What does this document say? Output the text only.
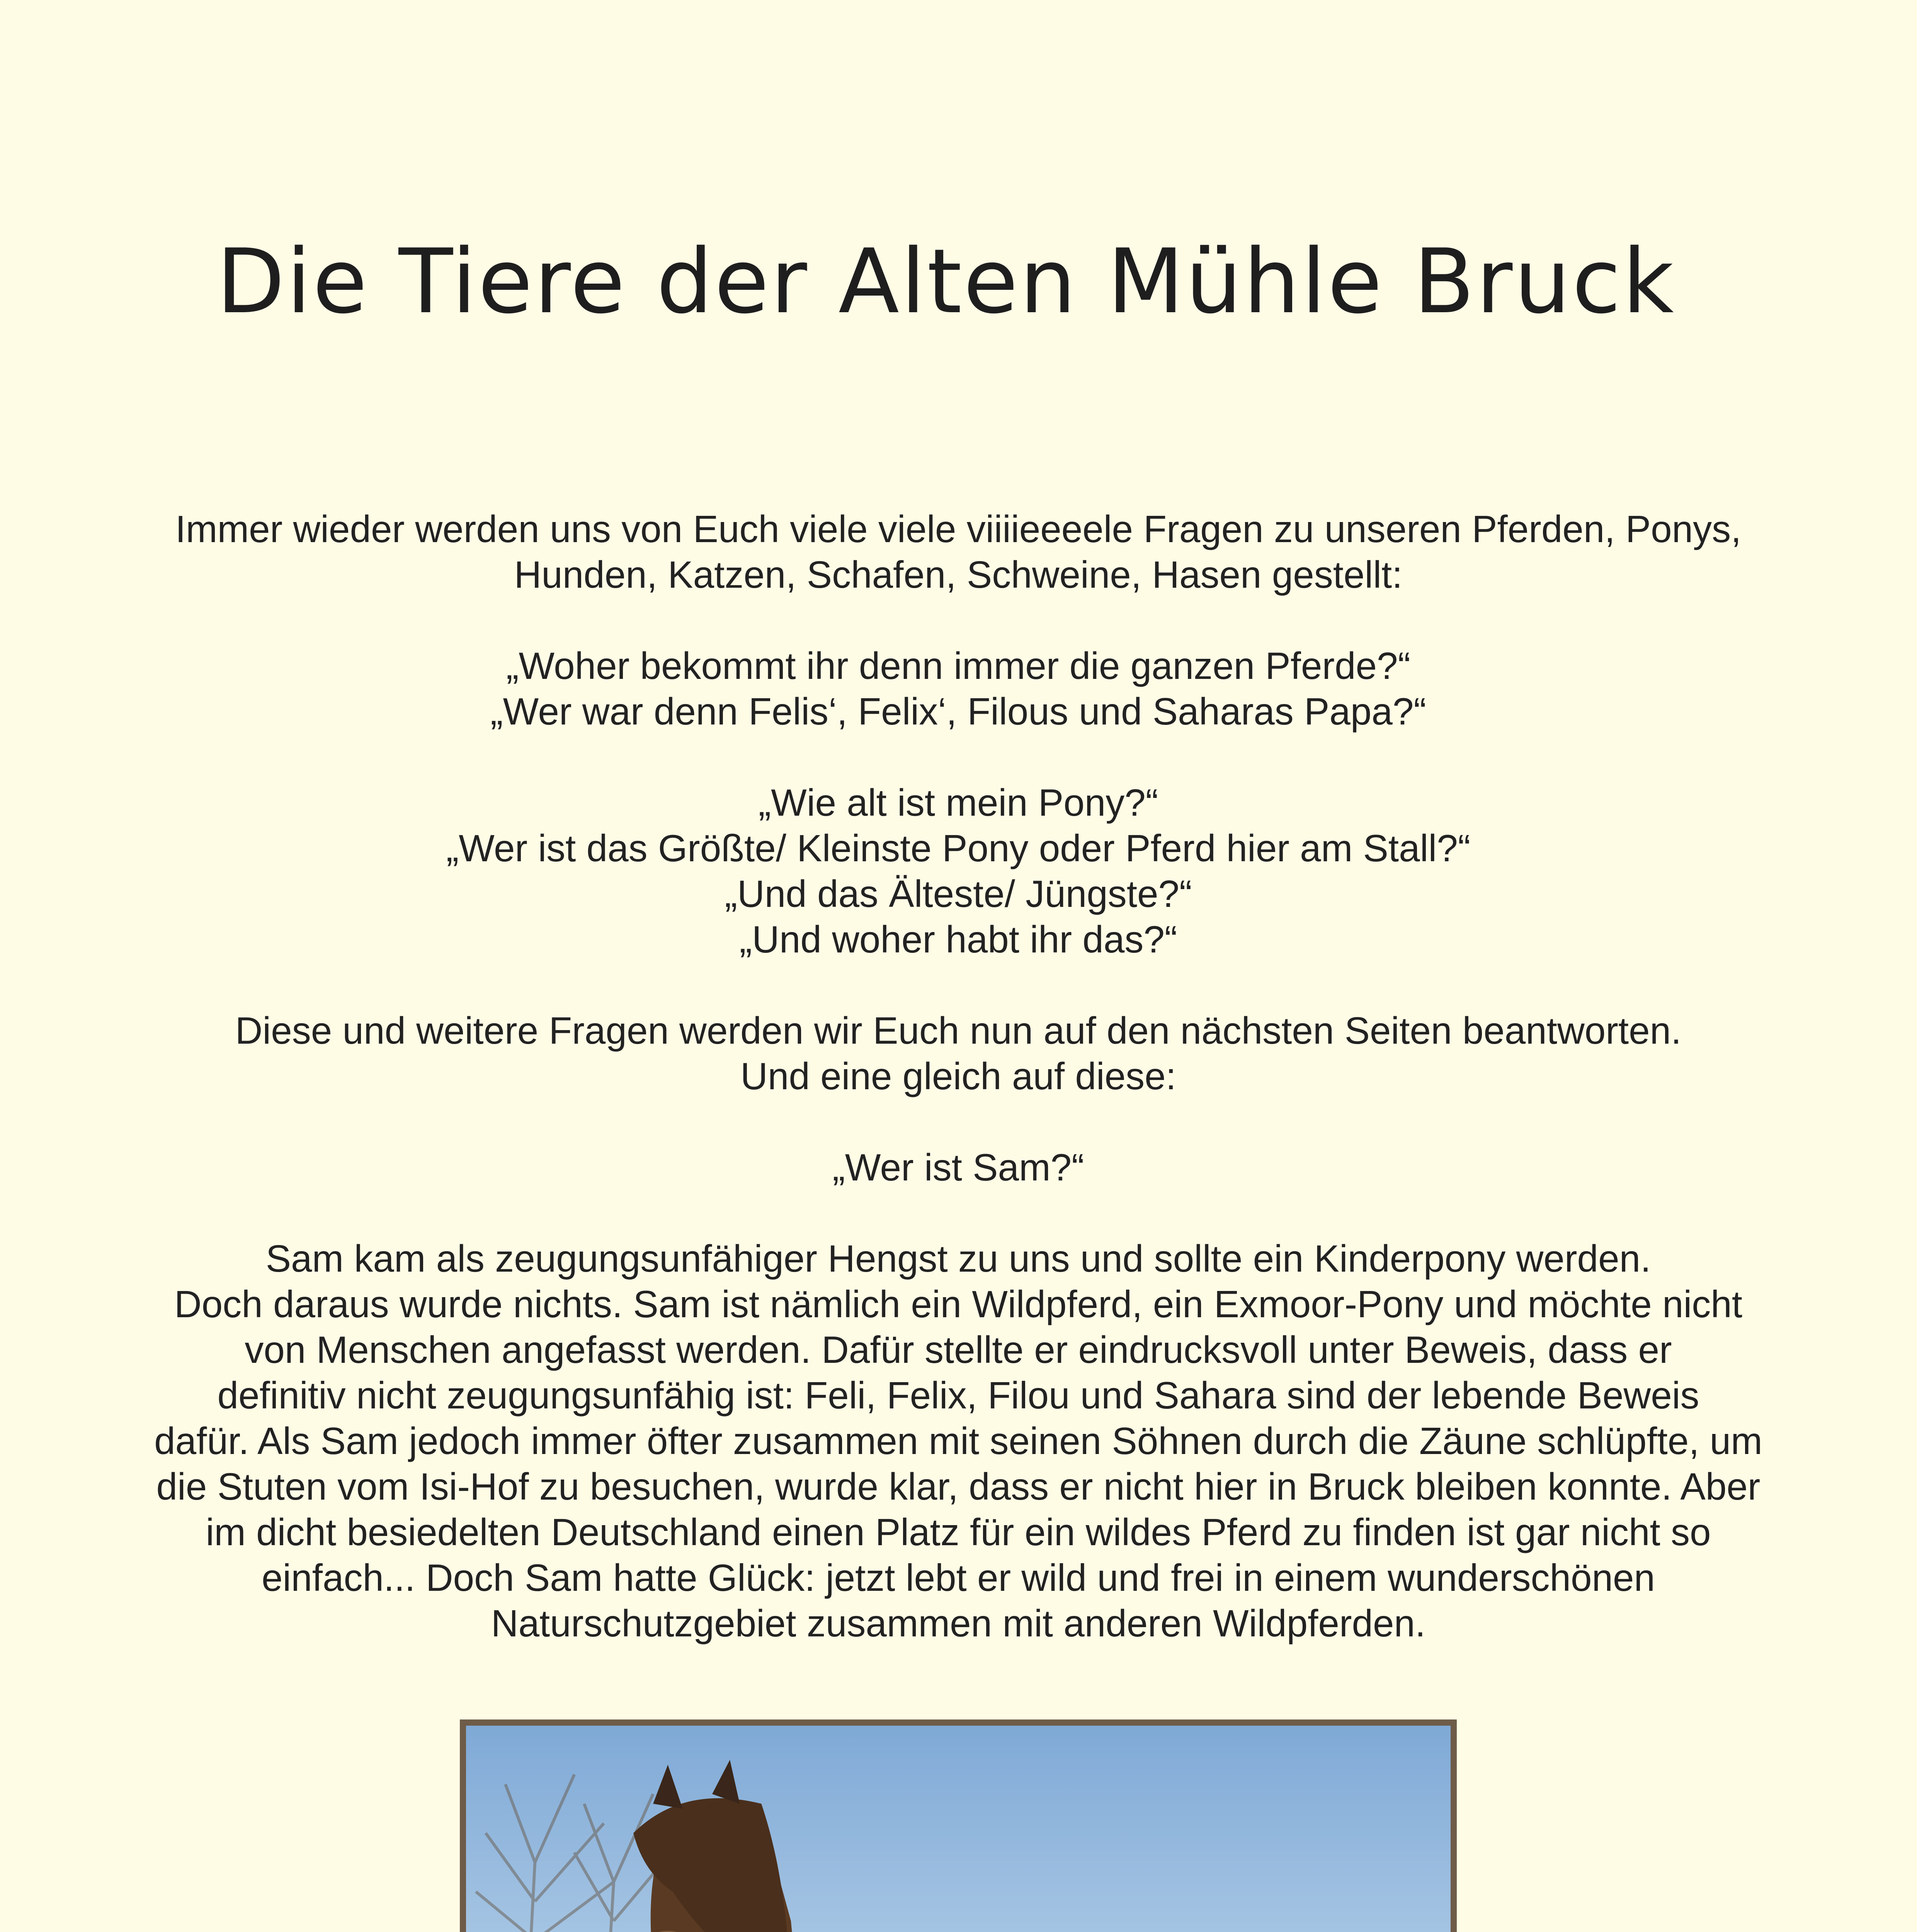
Die Tiere der Alten Mühle Bruck

Immer wieder werden uns von Euch viele viele viiiieeeele Fragen zu unseren Pferden, Ponys,
Hunden, Katzen, Schafen, Schweine, Hasen gestellt:

„Woher bekommt ihr denn immer die ganzen Pferde?“
„Wer war denn Felis‘, Felix‘, Filous und Saharas Papa?“

„Wie alt ist mein Pony?“
„Wer ist das Größte/ Kleinste Pony oder Pferd hier am Stall?“
„Und das Älteste/ Jüngste?“
„Und woher habt ihr das?“

Diese und weitere Fragen werden wir Euch nun auf den nächsten Seiten beantworten.
Und eine gleich auf diese:

„Wer ist Sam?“

Sam kam als zeugungsunfähiger Hengst zu uns und sollte ein Kinderpony werden.
Doch daraus wurde nichts. Sam ist nämlich ein Wildpferd, ein Exmoor-Pony und möchte nicht
von Menschen angefasst werden. Dafür stellte er eindrucksvoll unter Beweis, dass er
definitiv nicht zeugungsunfähig ist: Feli, Felix, Filou und Sahara sind der lebende Beweis
dafür. Als Sam jedoch immer öfter zusammen mit seinen Söhnen durch die Zäune schlüpfte, um
die Stuten vom Isi-Hof zu besuchen, wurde klar, dass er nicht hier in Bruck bleiben konnte. Aber
im dicht besiedelten Deutschland einen Platz für ein wildes Pferd zu finden ist gar nicht so
einfach... Doch Sam hatte Glück: jetzt lebt er wild und frei in einem wunderschönen
Naturschutzgebiet zusammen mit anderen Wildpferden.
